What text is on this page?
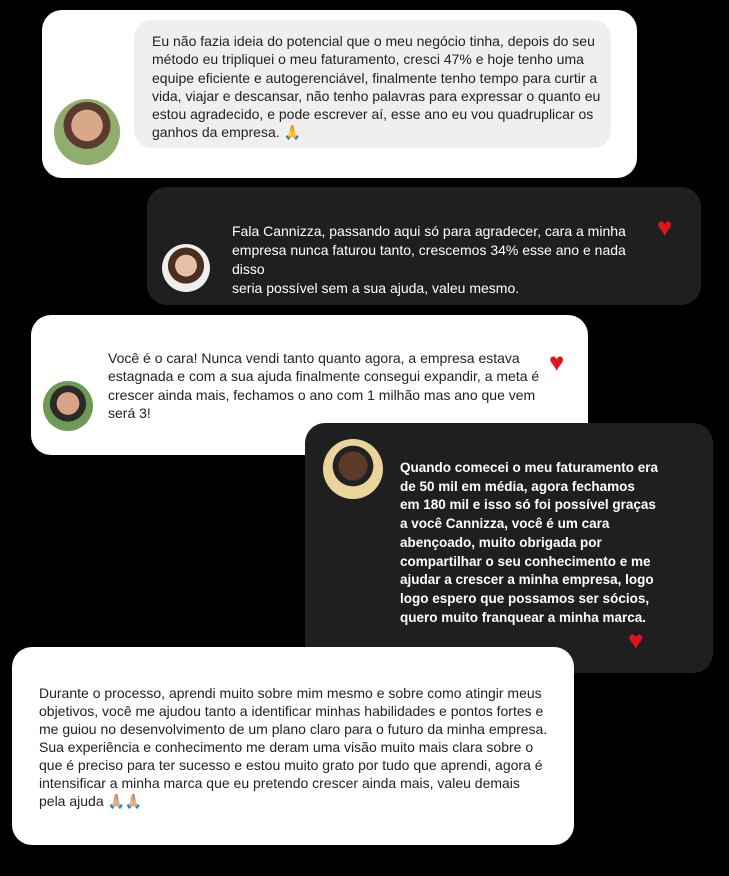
Eu não fazia ideia do potencial que o meu negócio tinha, depois do seu
método eu tripliquei o meu faturamento, cresci 47% e hoje tenho uma
equipe eficiente e autogerenciável, finalmente tenho tempo para curtir a
vida, viajar e descansar, não tenho palavras para expressar o quanto eu
estou agradecido, e pode escrever aí, esse ano eu vou quadruplicar os
ganhos da empresa. 🙏
Fala Cannizza, passando aqui só para agradecer, cara a minha
empresa nunca faturou tanto, crescemos 34% esse ano e nada disso
seria possível sem a sua ajuda, valeu mesmo.
♥
Você é o cara! Nunca vendi tanto quanto agora, a empresa estava
estagnada e com a sua ajuda finalmente consegui expandir, a meta é
crescer ainda mais, fechamos o ano com 1 milhão mas ano que vem
será 3!
♥
Quando comecei o meu faturamento era
de 50 mil em média, agora fechamos
em 180 mil e isso só foi possível graças
a você Cannizza, você é um cara
abençoado, muito obrigada por
compartilhar o seu conhecimento e me
ajudar a crescer a minha empresa, logo
logo espero que possamos ser sócios,
quero muito franquear a minha marca.
♥
Durante o processo, aprendi muito sobre mim mesmo e sobre como atingir meus
objetivos, você me ajudou tanto a identificar minhas habilidades e pontos fortes e
me guiou no desenvolvimento de um plano claro para o futuro da minha empresa.
Sua experiência e conhecimento me deram uma visão muito mais clara sobre o
que é preciso para ter sucesso e estou muito grato por tudo que aprendi, agora é
intensificar a minha marca que eu pretendo crescer ainda mais, valeu demais
pela ajuda 🙏🏼🙏🏼
